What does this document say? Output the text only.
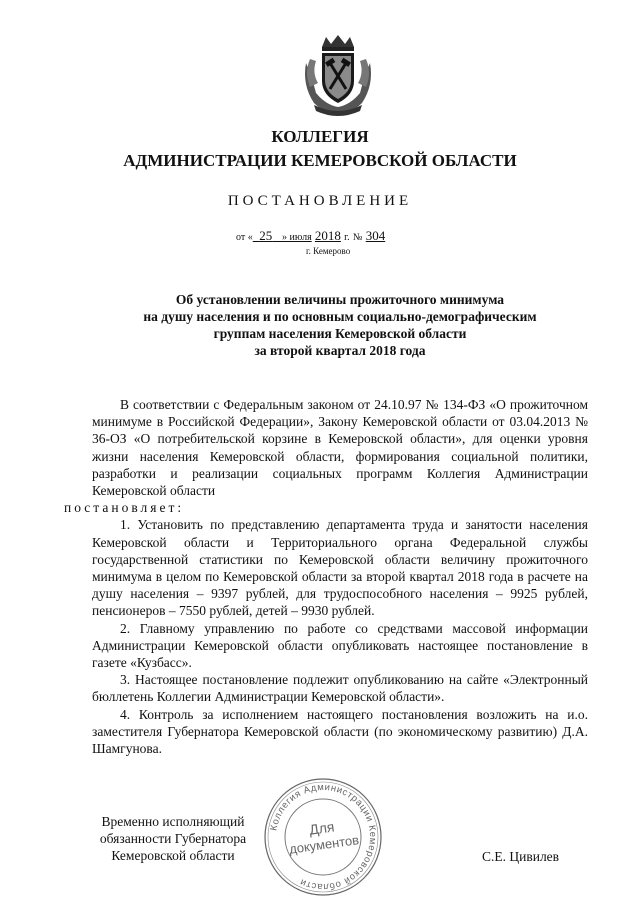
КОЛЛЕГИЯ
АДМИНИСТРАЦИИ КЕМЕРОВСКОЙ ОБЛАСТИ
ПОСТАНОВЛЕНИЕ
от « 25 » июля 2018 г. № 304
г. Кемерово
Об установлении величины прожиточного минимума
на душу населения и по основным социально-демографическим
группам населения Кемеровской области
за второй квартал 2018 года

В соответствии с Федеральным законом от 24.10.97 № 134-ФЗ «О прожиточном минимуме в Российской Федерации», Закону Кемеровской области от 03.04.2013 № 36-ОЗ «О потребительской корзине в Кемеровской области», для оценки уровня жизни населения Кемеровской области, формирования социальной политики, разработки и реализации социальных программ Коллегия Администрации Кемеровской области
постановляет:

1. Установить по представлению департамента труда и занятости населения Кемеровской области и Территориального органа Федеральной службы государственной статистики по Кемеровской области величину прожиточного минимума в целом по Кемеровской области за второй квартал 2018 года в расчете на душу населения – 9397 рублей, для трудоспособного населения – 9925 рублей, пенсионеров – 7550 рублей, детей – 9930 рублей.

2. Главному управлению по работе со средствами массовой информации Администрации Кемеровской области опубликовать настоящее постановление в газете «Кузбасс».

3. Настоящее постановление подлежит опубликованию на сайте «Электронный бюллетень Коллегии Администрации Кемеровской области».

4. Контроль за исполнением настоящего постановления возложить на и.о. заместителя Губернатора Кемеровской области (по экономическому развитию) Д.А. Шамгунова.

Временно исполняющий
обязанности Губернатора
Кемеровской области
Коллегия Администрации Кемеровской области
Для
документов	С.Е. Цивилев
